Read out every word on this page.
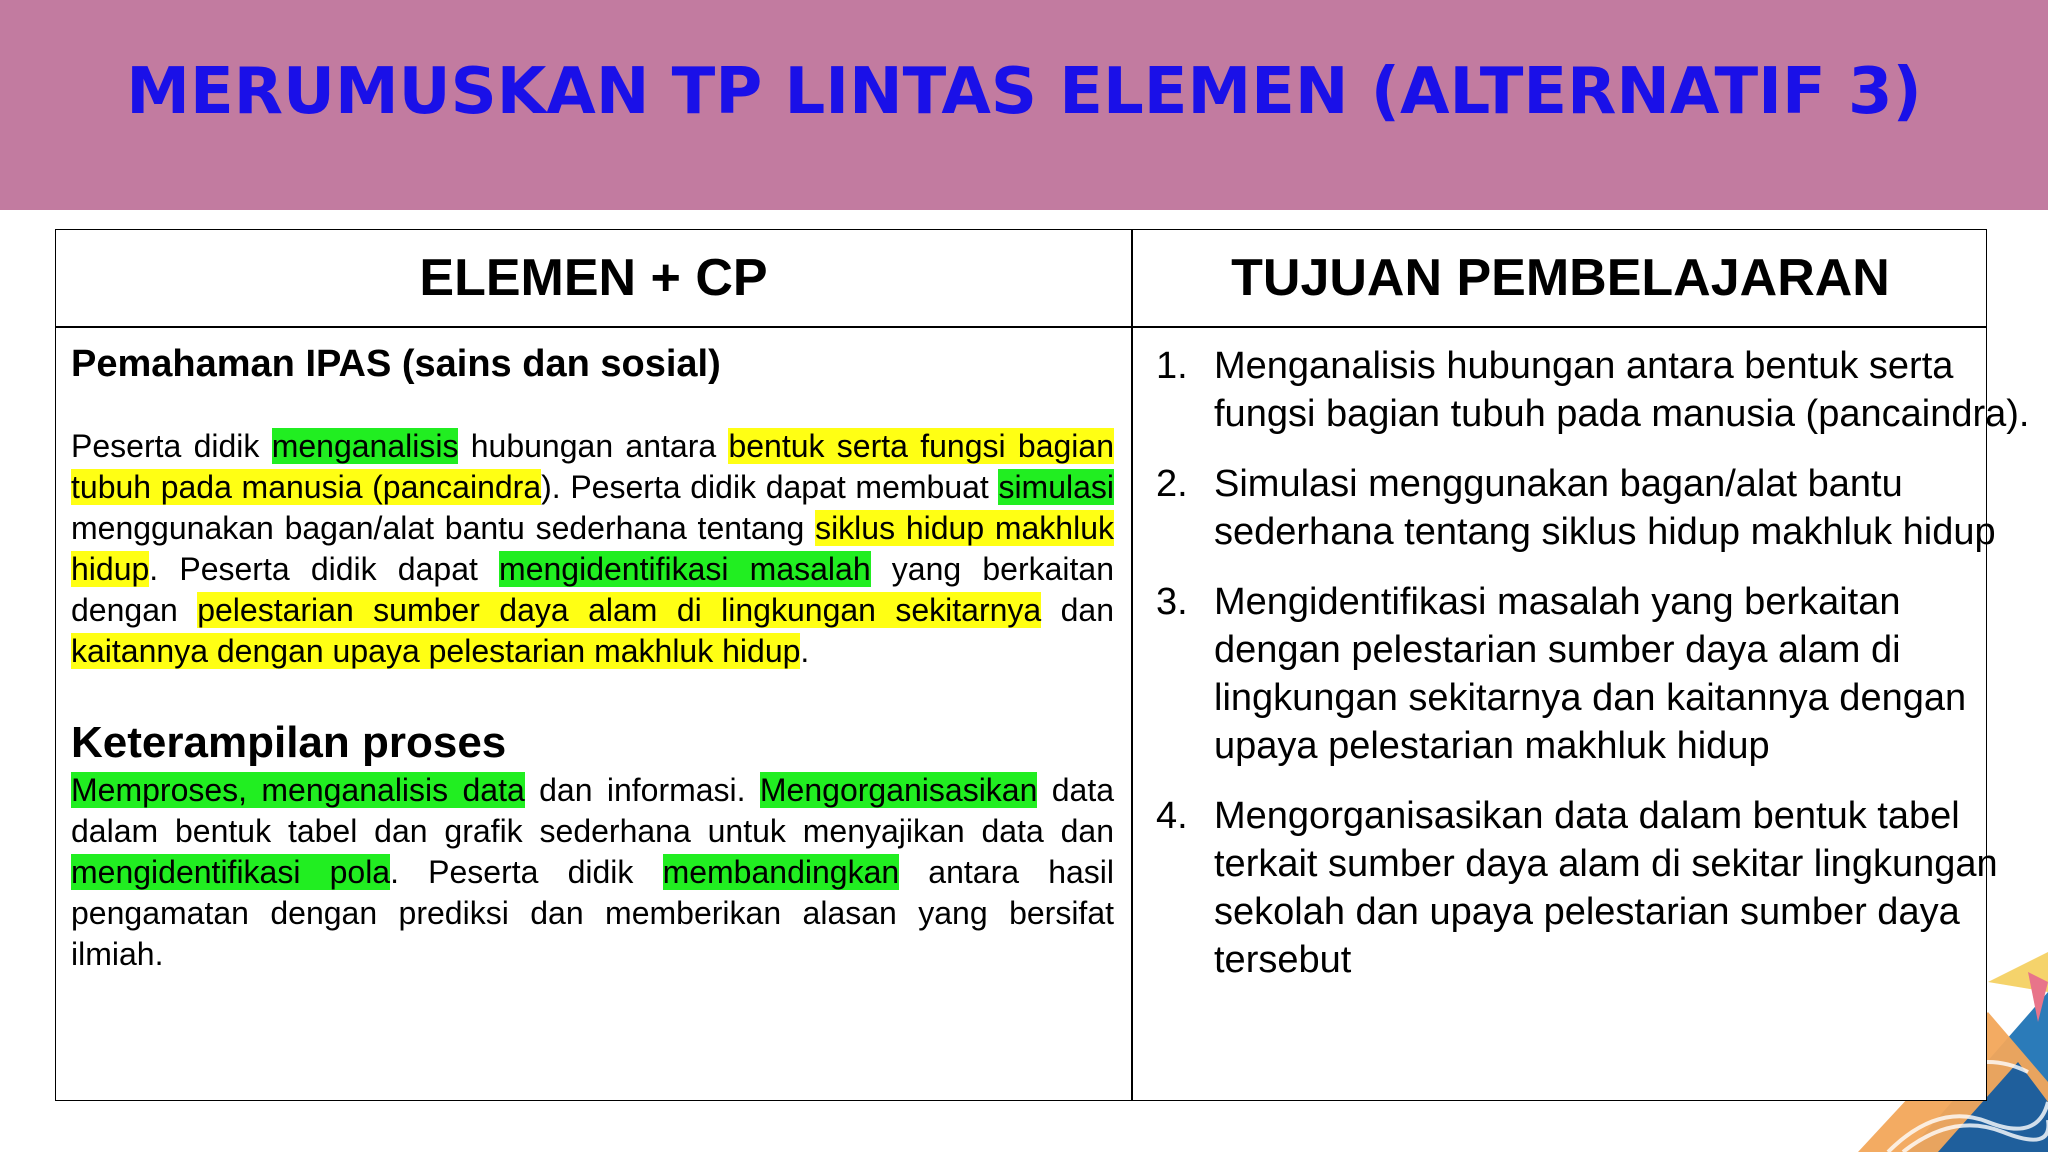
MERUMUSKAN TP LINTAS ELEMEN (ALTERNATIF 3)
ELEMEN + CP	TUJUAN PEMBELAJARAN
Pemahaman IPAS (sains dan sosial)

Peserta didik menganalisis hubungan antara bentuk serta fungsi bagian tubuh pada manusia (pancaindra). Peserta didik dapat membuat simulasi menggunakan bagan/alat bantu sederhana tentang siklus hidup makhluk hidup. Peserta didik dapat mengidentifikasi masalah yang berkaitan dengan pelestarian sumber daya alam di lingkungan sekitarnya dan kaitannya dengan upaya pelestarian makhluk hidup.

Keterampilan proses

Memproses, menganalisis data dan informasi. Mengorganisasikan data dalam bentuk tabel dan grafik sederhana untuk menyajikan data dan mengidentifikasi pola. Peserta didik membandingkan antara hasil pengamatan dengan prediksi dan memberikan alasan yang bersifat ilmiah.

1. Menganalisis hubungan antara bentuk serta fungsi bagian tubuh pada manusia (pancaindra).
2. Simulasi menggunakan bagan/alat bantu sederhana tentang siklus hidup makhluk hidup
3. Mengidentifikasi masalah yang berkaitan dengan pelestarian sumber daya alam di lingkungan sekitarnya dan kaitannya dengan upaya pelestarian makhluk hidup
4. Mengorganisasikan data dalam bentuk tabel terkait sumber daya alam di sekitar lingkungan sekolah dan upaya pelestarian sumber daya tersebut
